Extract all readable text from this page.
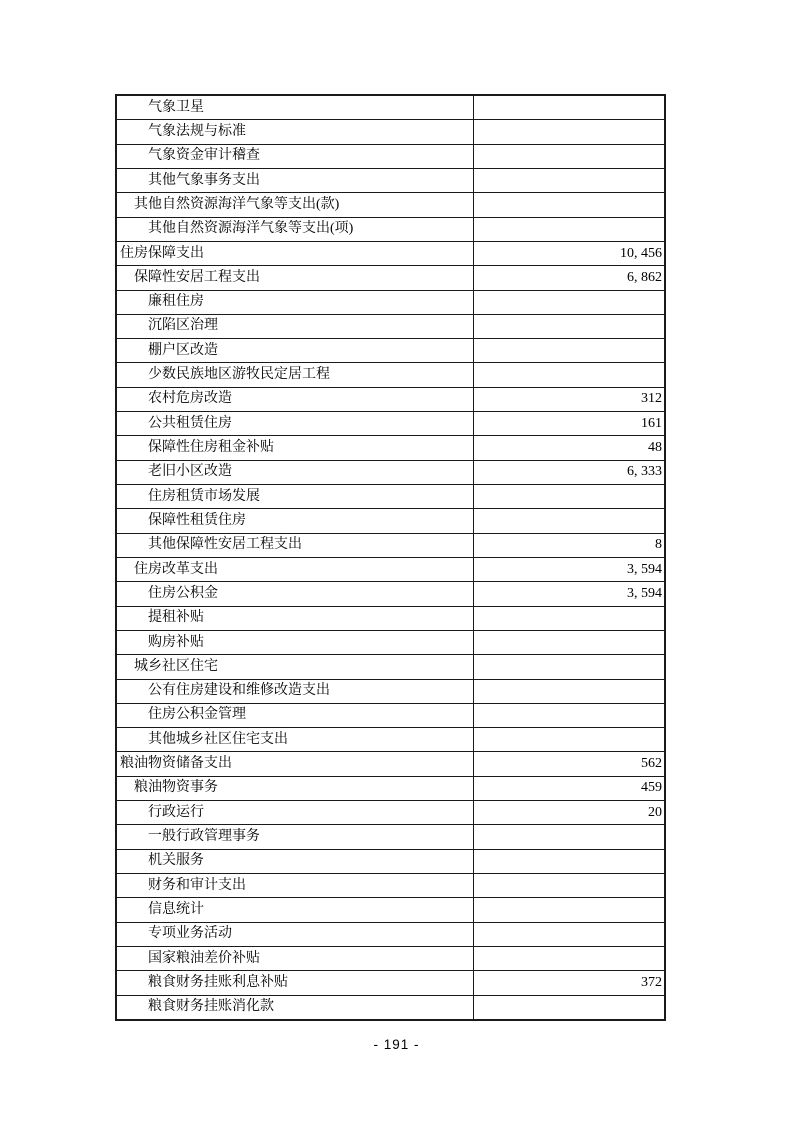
气象卫星
气象法规与标准
气象资金审计稽查
其他气象事务支出
其他自然资源海洋气象等支出(款)
其他自然资源海洋气象等支出(项)
住房保障支出	10, 456
保障性安居工程支出	6, 862
廉租住房
沉陷区治理
棚户区改造
少数民族地区游牧民定居工程
农村危房改造	312
公共租赁住房	161
保障性住房租金补贴	48
老旧小区改造	6, 333
住房租赁市场发展
保障性租赁住房
其他保障性安居工程支出	8
住房改革支出	3, 594
住房公积金	3, 594
提租补贴
购房补贴
城乡社区住宅
公有住房建设和维修改造支出
住房公积金管理
其他城乡社区住宅支出
粮油物资储备支出	562
粮油物资事务	459
行政运行	20
一般行政管理事务
机关服务
财务和审计支出
信息统计
专项业务活动
国家粮油差价补贴
粮食财务挂账利息补贴	372
粮食财务挂账消化款
- 191 -
